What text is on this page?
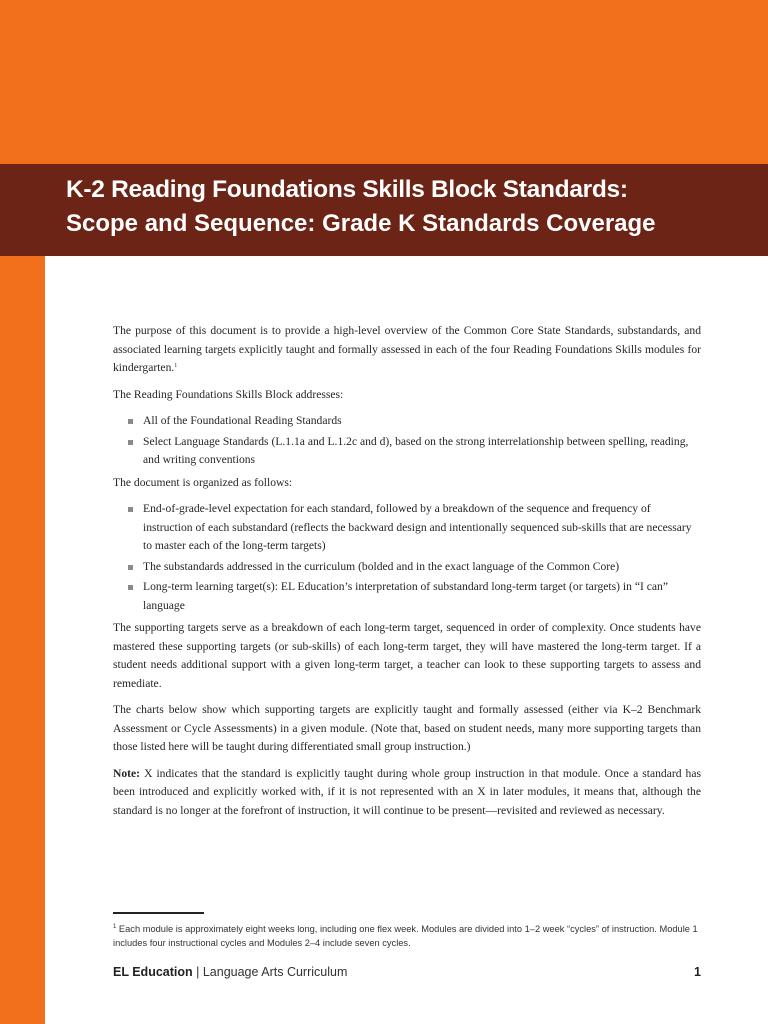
K-2 Reading Foundations Skills Block Standards:
Scope and Sequence: Grade K Standards Coverage

The purpose of this document is to provide a high-level overview of the Common Core State Standards, substandards, and associated learning targets explicitly taught and formally assessed in each of the four Reading Foundations Skills modules for kindergarten.$^1$

The Reading Foundations Skills Block addresses:

All of the Foundational Reading Standards
Select Language Standards (L.1.1a and L.1.2c and d), based on the strong interrelationship between spelling, reading, and writing conventions

The document is organized as follows:

End-of-grade-level expectation for each standard, followed by a breakdown of the sequence and frequency of instruction of each substandard (reflects the backward design and intentionally sequenced sub-skills that are necessary to master each of the long-term targets)
The substandards addressed in the curriculum (bolded and in the exact language of the Common Core)
Long-term learning target(s): EL Education’s interpretation of substandard long-term target (or targets) in “I can” language

The supporting targets serve as a breakdown of each long-term target, sequenced in order of complexity. Once students have mastered these supporting targets (or sub-skills) of each long-term target, they will have mastered the long-term target. If a student needs additional support with a given long-term target, a teacher can look to these supporting targets to assess and remediate.

The charts below show which supporting targets are explicitly taught and formally assessed (either via K–2 Benchmark Assessment or Cycle Assessments) in a given module. (Note that, based on student needs, many more supporting targets than those listed here will be taught during differentiated small group instruction.)

Note: X indicates that the standard is explicitly taught during whole group instruction in that module. Once a standard has been introduced and explicitly worked with, if it is not represented with an X in later modules, it means that, although the standard is no longer at the forefront of instruction, it will continue to be present—revisited and reviewed as necessary.

$^1$ Each module is approximately eight weeks long, including one flex week. Modules are divided into 1–2 week “cycles” of instruction. Module 1 includes four instructional cycles and Modules 2–4 include seven cycles.
EL Education | Language Arts Curriculum	1
